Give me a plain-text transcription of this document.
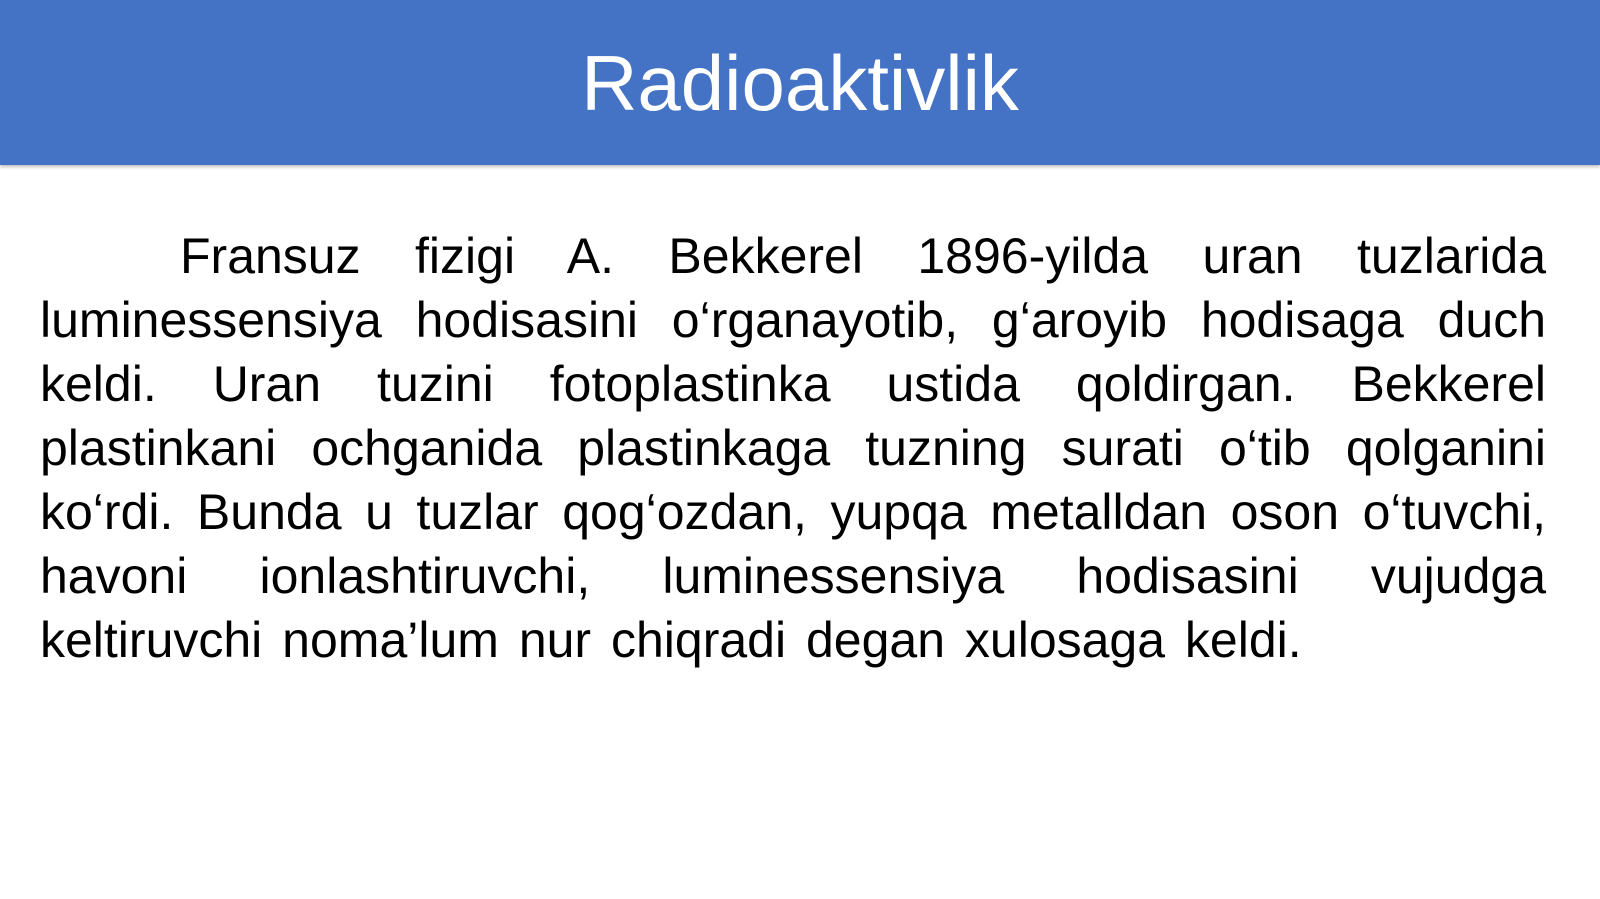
Radioaktivlik

Fransuz fizigi A. Bekkerel 1896-yilda uran tuzlarida luminessensiya hodisasini o‘rganayotib, g‘aroyib hodisaga duch keldi. Uran tuzini fotoplastinka ustida qoldirgan. Bekkerel plastinkani ochganida plastinkaga tuzning surati o‘tib qolganini ko‘rdi. Bunda u tuzlar qog‘ozdan, yupqa metalldan oson o‘tuvchi, havoni ionlashtiruvchi, luminessensiya hodisasini vujudga keltiruvchi noma’lum nur chiqradi degan xulosaga keldi.
